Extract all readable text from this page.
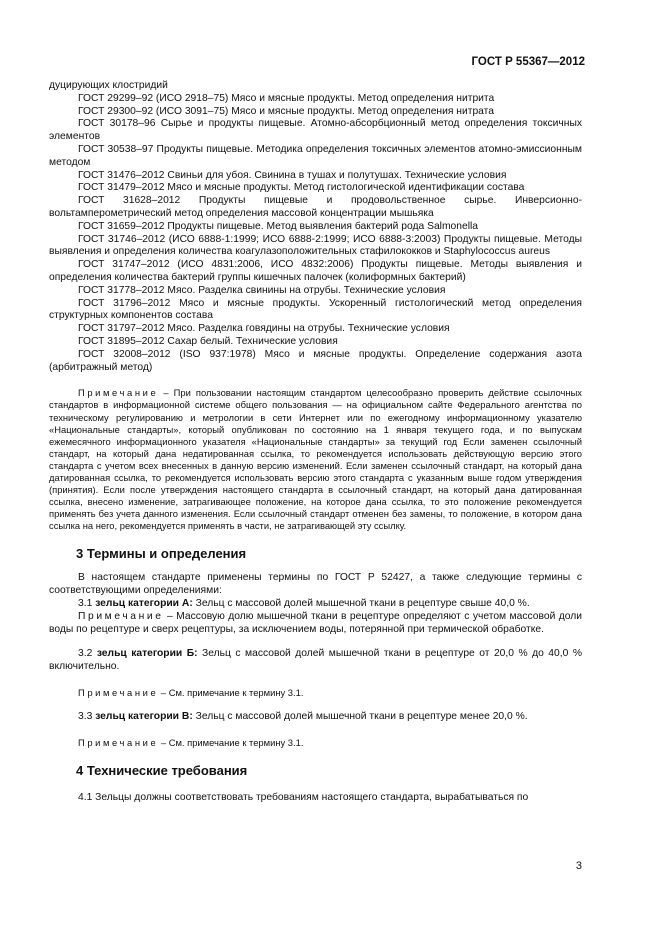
ГОСТ Р 55367—2012

дуцирующих клостридий

ГОСТ 29299–92 (ИСО 2918–75) Мясо и мясные продукты. Метод определения нитрита

ГОСТ 29300–92 (ИСО 3091–75) Мясо и мясные продукты. Метод определения нитрата

ГОСТ 30178–96 Сырье и продукты пищевые. Атомно-абсорбционный метод определения токсичных элементов

ГОСТ 30538–97 Продукты пищевые. Методика определения токсичных элементов атомно-эмиссионным методом

ГОСТ 31476–2012 Свиньи для убоя. Свинина в тушах и полутушах. Технические условия

ГОСТ 31479–2012 Мясо и мясные продукты. Метод гистологической идентификации состава

ГОСТ 31628–2012 Продукты пищевые и продовольственное сырье. Инверсионно-вольтамперометрический метод определения массовой концентрации мышьяка

ГОСТ 31659–2012 Продукты пищевые. Метод выявления бактерий рода Salmonella

ГОСТ 31746–2012 (ИСО 6888-1:1999; ИСО 6888-2:1999; ИСО 6888-3:2003) Продукты пищевые. Методы выявления и определения количества коагулазоположительных стафилококков и Staphylococcus aureus

ГОСТ 31747–2012 (ИСО 4831:2006, ИСО 4832:2006) Продукты пищевые. Методы выявления и определения количества бактерий группы кишечных палочек (колиформных бактерий)

ГОСТ 31778–2012 Мясо. Разделка свинины на отрубы. Технические условия

ГОСТ 31796–2012 Мясо и мясные продукты. Ускоренный гистологический метод определения структурных компонентов состава

ГОСТ 31797–2012 Мясо. Разделка говядины на отрубы. Технические условия

ГОСТ 31895–2012 Сахар белый. Технические условия

ГОСТ 32008–2012 (ISO 937:1978) Мясо и мясные продукты. Определение содержания азота (арбитражный метод)

Примечание – При пользовании настоящим стандартом целесообразно проверить действие ссылочных стандартов в информационной системе общего пользования — на официальном сайте Федерального агентства по техническому регулированию и метрологии в сети Интернет или по ежегодному информационному указателю «Национальные стандарты», который опубликован по состоянию на 1 января текущего года, и по выпускам ежемесячного информационного указателя «Национальные стандарты» за текущий год Если заменен ссылочный стандарт, на который дана недатированная ссылка, то рекомендуется использовать действующую версию этого стандарта с учетом всех внесенных в данную версию изменений. Если заменен ссылочный стандарт, на который дана датированная ссылка, то рекомендуется использовать версию этого стандарта с указанным выше годом утверждения (принятия). Если после утверждения настоящего стандарта в ссылочный стандарт, на который дана датированная ссылка, внесено изменение, затрагивающее положение, на которое дана ссылка, то это положение рекомендуется применять без учета данного изменения. Если ссылочный стандарт отменен без замены, то положение, в котором дана ссылка на него, рекомендуется применять в части, не затрагивающей эту ссылку.

3 Термины и определения

В настоящем стандарте применены термины по ГОСТ Р 52427, а также следующие термины с соответствующими определениями:

3.1 зельц категории А: Зельц с массовой долей мышечной ткани в рецептуре свыше 40,0 %.

Примечание – Массовую долю мышечной ткани в рецептуре определяют с учетом массовой доли воды по рецептуре и сверх рецептуры, за исключением воды, потерянной при термической обработке.

3.2 зельц категории Б: Зельц с массовой долей мышечной ткани в рецептуре от 20,0 % до 40,0 % включительно.

Примечание – См. примечание к термину 3.1.

3.3 зельц категории В: Зельц с массовой долей мышечной ткани в рецептуре менее 20,0 %.

Примечание – См. примечание к термину 3.1.

4 Технические требования

4.1 Зельцы должны соответствовать требованиям настоящего стандарта, вырабатываться по

3
